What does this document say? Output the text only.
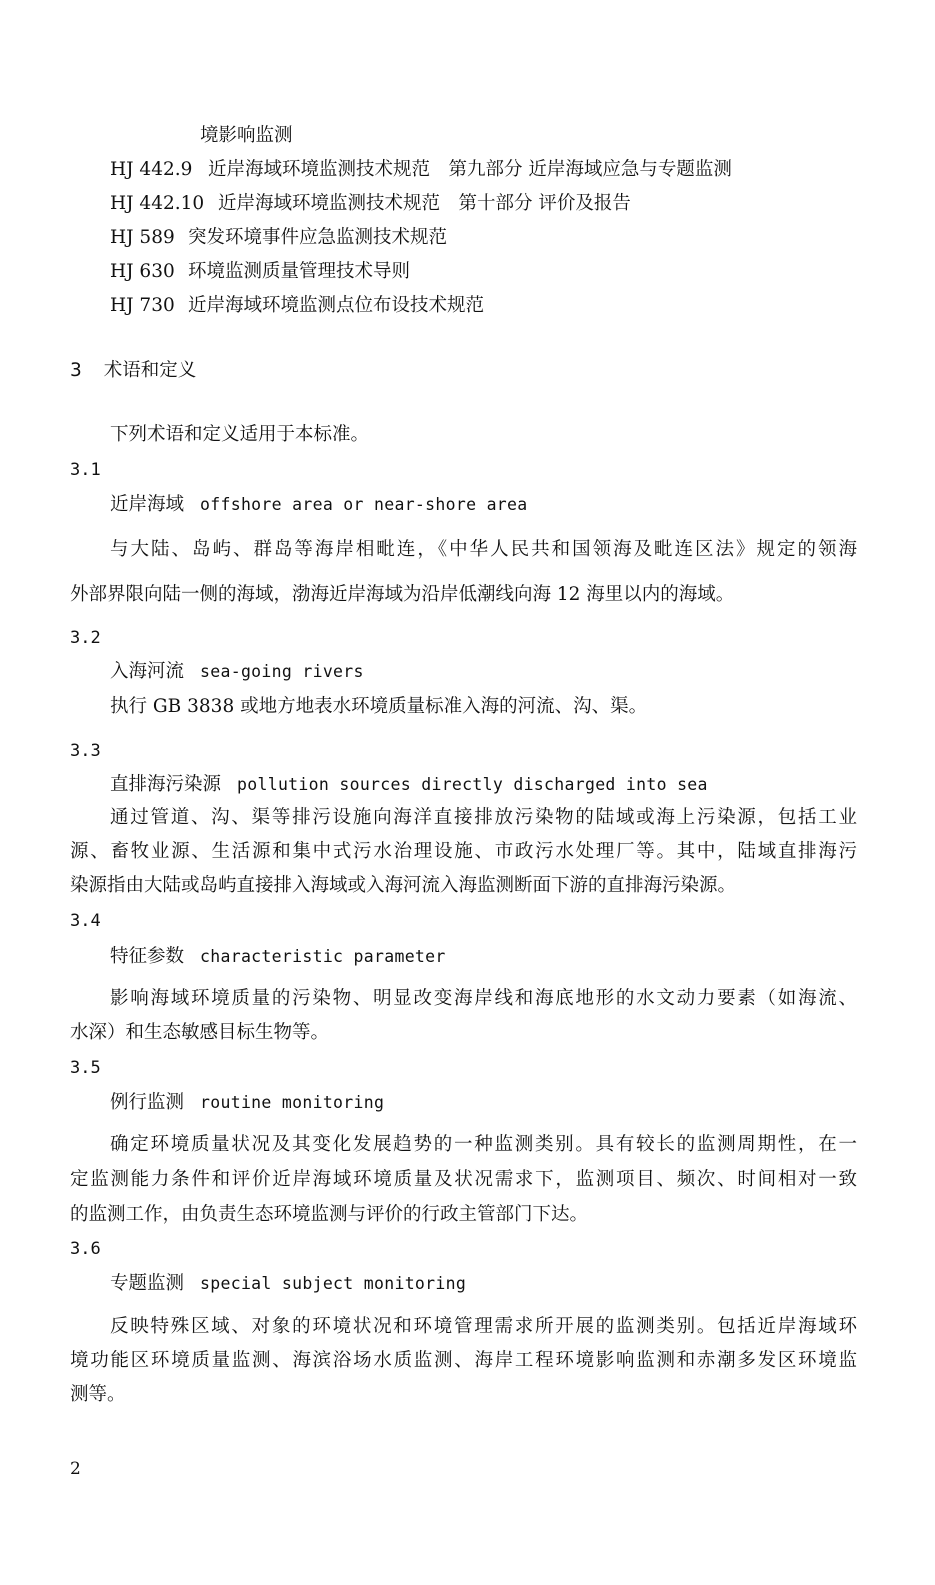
境影响监测
HJ 442.9 近岸海域环境监测技术规范　第九部分 近岸海域应急与专题监测
HJ 442.10 近岸海域环境监测技术规范　第十部分 评价及报告
HJ 589 突发环境事件应急监测技术规范
HJ 630 环境监测质量管理技术导则
HJ 730 近岸海域环境监测点位布设技术规范
3 术语和定义
下列术语和定义适用于本标准。
3.1
近岸海域 offshore area or near-shore area
与大陆、岛屿、群岛等海岸相毗连，《中华人民共和国领海及毗连区法》规定的领海
外部界限向陆一侧的海域，渤海近岸海域为沿岸低潮线向海 12 海里以内的海域。
3.2
入海河流 sea-going rivers
执行 GB 3838 或地方地表水环境质量标准入海的河流、沟、渠。
3.3
直排海污染源 pollution sources directly discharged into sea
通过管道、沟、渠等排污设施向海洋直接排放污染物的陆域或海上污染源，包括工业
源、畜牧业源、生活源和集中式污水治理设施、市政污水处理厂等。其中，陆域直排海污
染源指由大陆或岛屿直接排入海域或入海河流入海监测断面下游的直排海污染源。
3.4
特征参数 characteristic parameter
影响海域环境质量的污染物、明显改变海岸线和海底地形的水文动力要素（如海流、
水深）和生态敏感目标生物等。
3.5
例行监测 routine monitoring
确定环境质量状况及其变化发展趋势的一种监测类别。具有较长的监测周期性，在一
定监测能力条件和评价近岸海域环境质量及状况需求下，监测项目、频次、时间相对一致
的监测工作，由负责生态环境监测与评价的行政主管部门下达。
3.6
专题监测 special subject monitoring
反映特殊区域、对象的环境状况和环境管理需求所开展的监测类别。包括近岸海域环
境功能区环境质量监测、海滨浴场水质监测、海岸工程环境影响监测和赤潮多发区环境监
测等。
2
